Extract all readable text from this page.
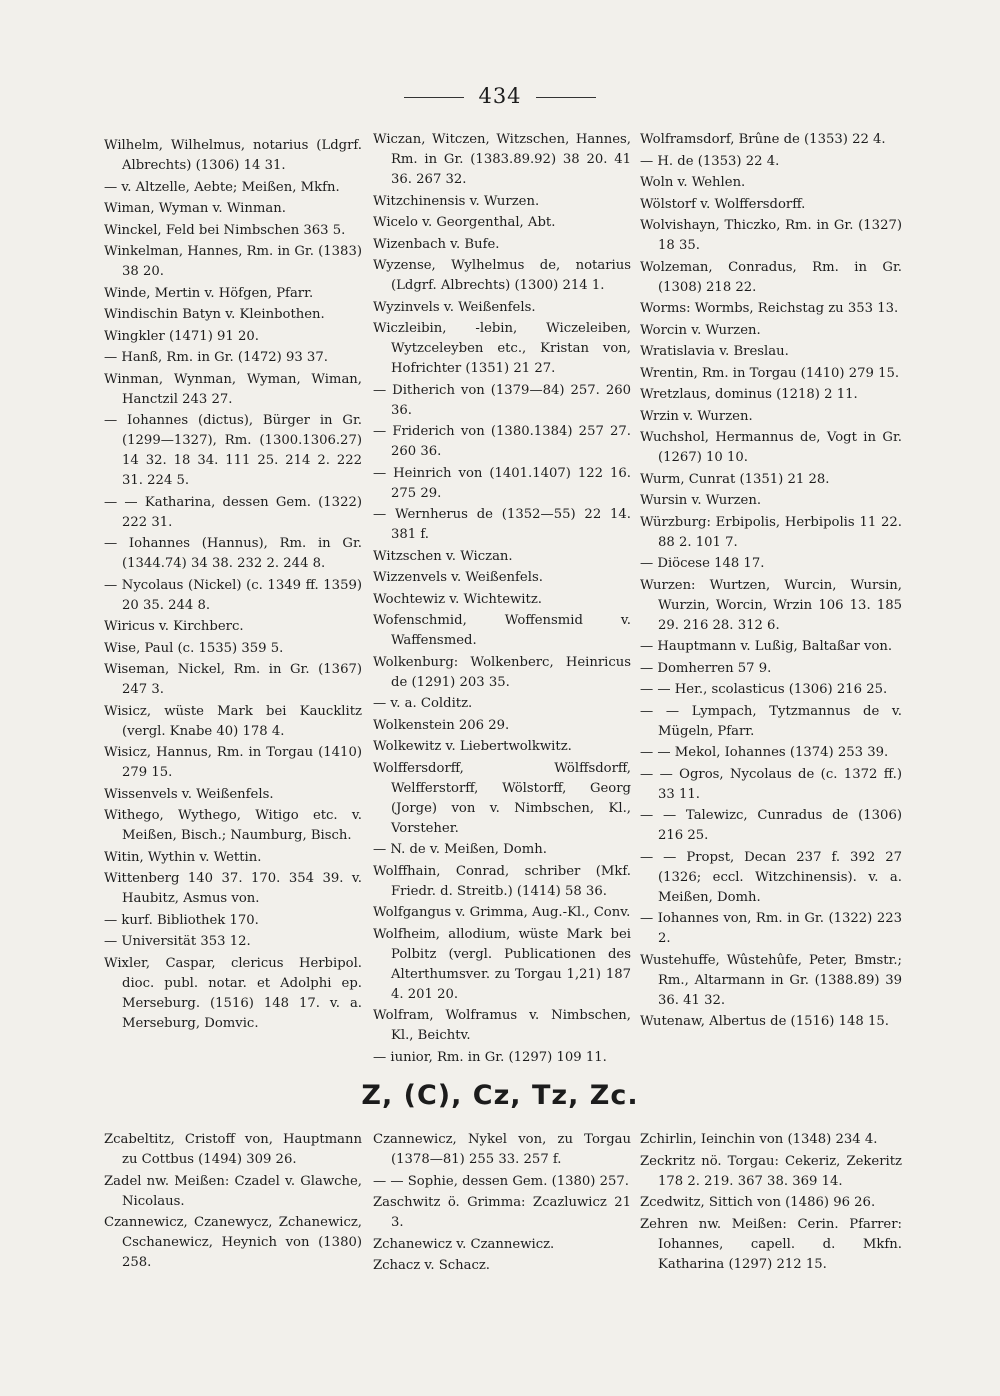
434

Wilhelm, Wilhelmus, notarius (Ldgrf. Albrechts) (1306) 14 31.

— v. Altzelle, Aebte; Meißen, Mkfn.

Wiman, Wyman v. Winman.

Winckel, Feld bei Nimbschen 363 5.

Winkelman, Hannes, Rm. in Gr. (1383) 38 20.

Winde, Mertin v. Höfgen, Pfarr.

Windischin Batyn v. Kleinbothen.

Wingkler (1471) 91 20.

— Hanß, Rm. in Gr. (1472) 93 37.

Winman, Wynman, Wyman, Wiman, Hanctzil 243 27.

— Iohannes (dictus), Bürger in Gr. (1299—1327), Rm. (1300.1306.27) 14 32. 18 34. 111 25. 214 2. 222 31. 224 5.

— — Katharina, dessen Gem. (1322) 222 31.

— Iohannes (Hannus), Rm. in Gr. (1344.74) 34 38. 232 2. 244 8.

— Nycolaus (Nickel) (c. 1349 ff. 1359) 20 35. 244 8.

Wiricus v. Kirchberc.

Wise, Paul (c. 1535) 359 5.

Wiseman, Nickel, Rm. in Gr. (1367) 247 3.

Wisicz, wüste Mark bei Kaucklitz (vergl. Knabe 40) 178 4.

Wisicz, Hannus, Rm. in Torgau (1410) 279 15.

Wissenvels v. Weißenfels.

Withego, Wythego, Witigo etc. v. Meißen, Bisch.; Naumburg, Bisch.

Witin, Wythin v. Wettin.

Wittenberg 140 37. 170. 354 39. v. Haubitz, Asmus von.

— kurf. Bibliothek 170.

— Universität 353 12.

Wixler, Caspar, clericus Herbipol. dioc. publ. notar. et Adolphi ep. Merseburg. (1516) 148 17. v. a. Merseburg, Domvic.

Wiczan, Witczen, Witzschen, Hannes, Rm. in Gr. (1383.89.92) 38 20. 41 36. 267 32.

Witzchinensis v. Wurzen.

Wicelo v. Georgenthal, Abt.

Wizenbach v. Bufe.

Wyzense, Wylhelmus de, notarius (Ldgrf. Albrechts) (1300) 214 1.

Wyzinvels v. Weißenfels.

Wiczleibin, -lebin, Wiczeleiben, Wytzceleyben etc., Kristan von, Hofrichter (1351) 21 27.

— Ditherich von (1379—84) 257. 260 36.

— Friderich von (1380.1384) 257 27. 260 36.

— Heinrich von (1401.1407) 122 16. 275 29.

— Wernherus de (1352—55) 22 14. 381 f.

Witzschen v. Wiczan.

Wizzenvels v. Weißenfels.

Wochtewiz v. Wichtewitz.

Wofenschmid, Woffensmid v. Waffensmed.

Wolkenburg: Wolkenberc, Heinricus de (1291) 203 35.

— v. a. Colditz.

Wolkenstein 206 29.

Wolkewitz v. Liebertwolkwitz.

Wolffersdorff, Wölffsdorff, Welfferstorff, Wölstorff, Georg (Jorge) von v. Nimbschen, Kl., Vorsteher.

— N. de v. Meißen, Domh.

Wolffhain, Conrad, schriber (Mkf. Friedr. d. Streitb.) (1414) 58 36.

Wolfgangus v. Grimma, Aug.-Kl., Conv.

Wolfheim, allodium, wüste Mark bei Polbitz (vergl. Publicationen des Alterthumsver. zu Torgau 1,21) 187 4. 201 20.

Wolfram, Wolframus v. Nimbschen, Kl., Beichtv.

— iunior, Rm. in Gr. (1297) 109 11.

Wolframsdorf, Brûne de (1353) 22 4.

— H. de (1353) 22 4.

Woln v. Wehlen.

Wölstorf v. Wolffersdorff.

Wolvishayn, Thiczko, Rm. in Gr. (1327) 18 35.

Wolzeman, Conradus, Rm. in Gr. (1308) 218 22.

Worms: Wormbs, Reichstag zu 353 13.

Worcin v. Wurzen.

Wratislavia v. Breslau.

Wrentin, Rm. in Torgau (1410) 279 15.

Wretzlaus, dominus (1218) 2 11.

Wrzin v. Wurzen.

Wuchshol, Hermannus de, Vogt in Gr. (1267) 10 10.

Wurm, Cunrat (1351) 21 28.

Wursin v. Wurzen.

Würzburg: Erbipolis, Herbipolis 11 22. 88 2. 101 7.

— Diöcese 148 17.

Wurzen: Wurtzen, Wurcin, Wursin, Wurzin, Worcin, Wrzin 106 13. 185 29. 216 28. 312 6.

— Hauptmann v. Lußig, Baltaßar von.

— Domherren 57 9.

— — Her., scolasticus (1306) 216 25.

— — Lympach, Tytzmannus de v. Mügeln, Pfarr.

— — Mekol, Iohannes (1374) 253 39.

— — Ogros, Nycolaus de (c. 1372 ff.) 33 11.

— — Talewizc, Cunradus de (1306) 216 25.

— — Propst, Decan 237 f. 392 27 (1326; eccl. Witzchinensis). v. a. Meißen, Domh.

— Iohannes von, Rm. in Gr. (1322) 223 2.

Wustehuffe, Wûstehûfe, Peter, Bmstr.; Rm., Altarmann in Gr. (1388.89) 39 36. 41 32.

Wutenaw, Albertus de (1516) 148 15.

Z, (C), Cz, Tz, Zc.

Zcabeltitz, Cristoff von, Hauptmann zu Cottbus (1494) 309 26.

Zadel nw. Meißen: Czadel v. Glawche, Nicolaus.

Czannewicz, Czanewycz, Zchanewicz, Cschanewicz, Heynich von (1380) 258.

Czannewicz, Nykel von, zu Torgau (1378—81) 255 33. 257 f.

— — Sophie, dessen Gem. (1380) 257.

Zaschwitz ö. Grimma: Zcazluwicz 21 3.

Zchanewicz v. Czannewicz.

Zchacz v. Schacz.

Zchirlin, Ieinchin von (1348) 234 4.

Zeckritz nö. Torgau: Cekeriz, Zekeritz 178 2. 219. 367 38. 369 14.

Zcedwitz, Sittich von (1486) 96 26.

Zehren nw. Meißen: Cerin. Pfarrer: Iohannes, capell. d. Mkfn. Katharina (1297) 212 15.
